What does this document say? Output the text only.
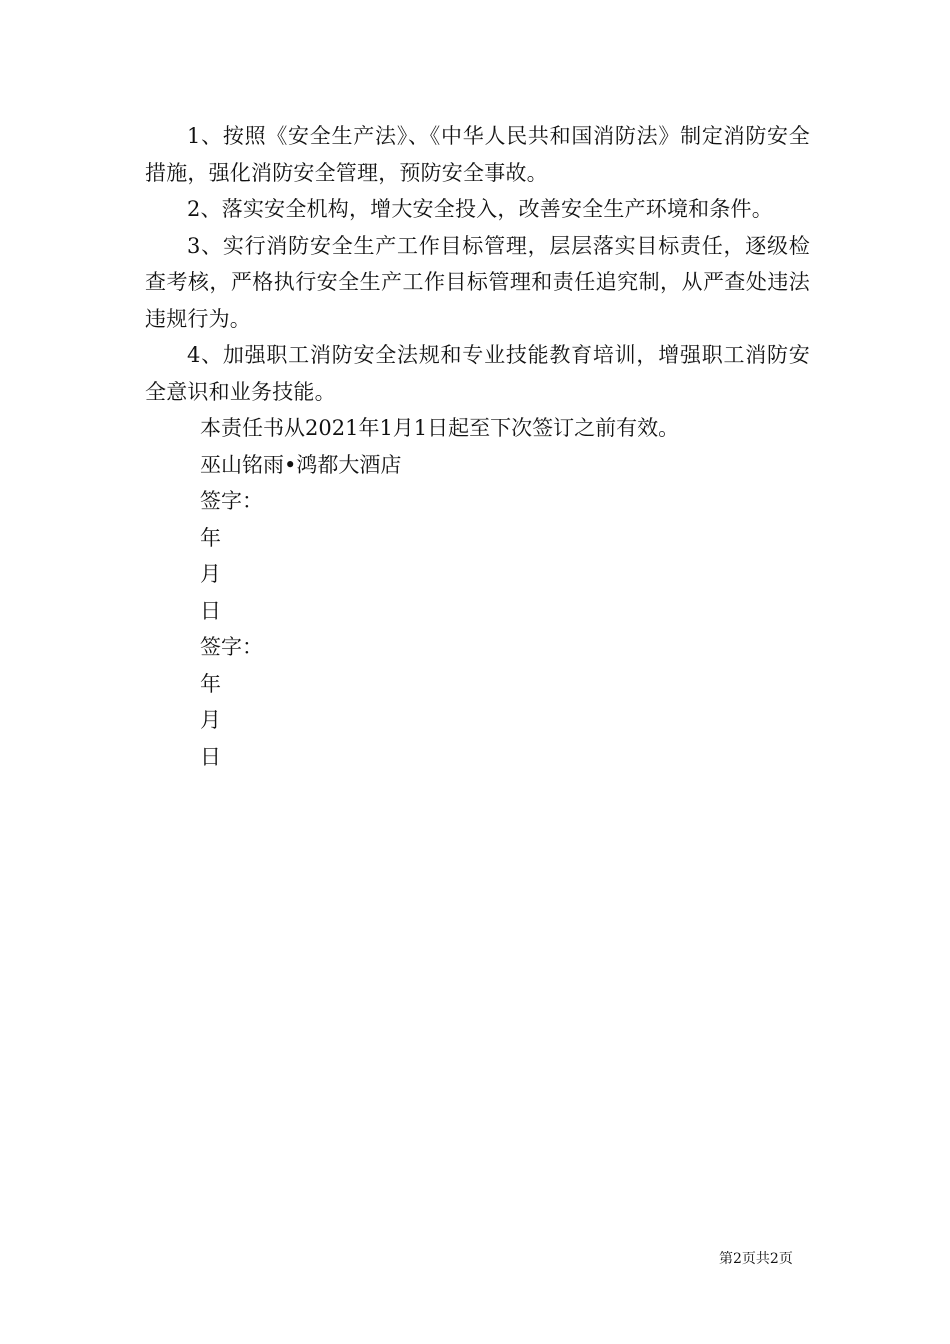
1、按照《安全生产法》、《中华人民共和国消防法》制定消防安全措施，强化消防安全管理，预防安全事故。

2、落实安全机构，增大安全投入，改善安全生产环境和条件。

3、实行消防安全生产工作目标管理，层层落实目标责任，逐级检查考核，严格执行安全生产工作目标管理和责任追究制，从严查处违法违规行为。

4、加强职工消防安全法规和专业技能教育培训，增强职工消防安全意识和业务技能。

本责任书从2021年1月1日起至下次签订之前有效。

巫山铭雨•鸿都大酒店

签字：

年

月

日

签字：

年

月

日

第2页共2页
